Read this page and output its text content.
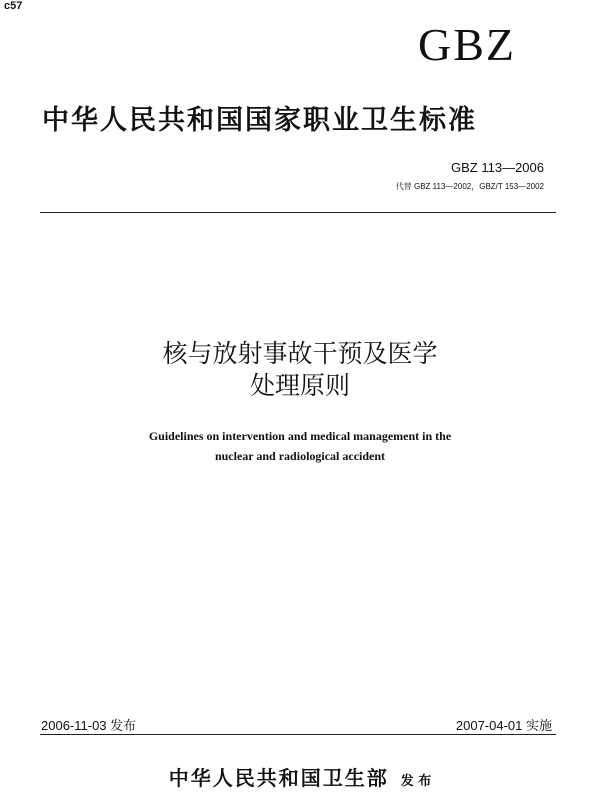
c57
GBZ
中华人民共和国国家职业卫生标准
GBZ 113—2006
代替 GBZ 113—2002，GBZ/T 153—2002
核与放射事故干预及医学
处理原则
Guidelines on intervention and medical management in the
nuclear and radiological accident
2006-11-03 发布	2007-04-01 实施
中华人民共和国卫生部 发 布
